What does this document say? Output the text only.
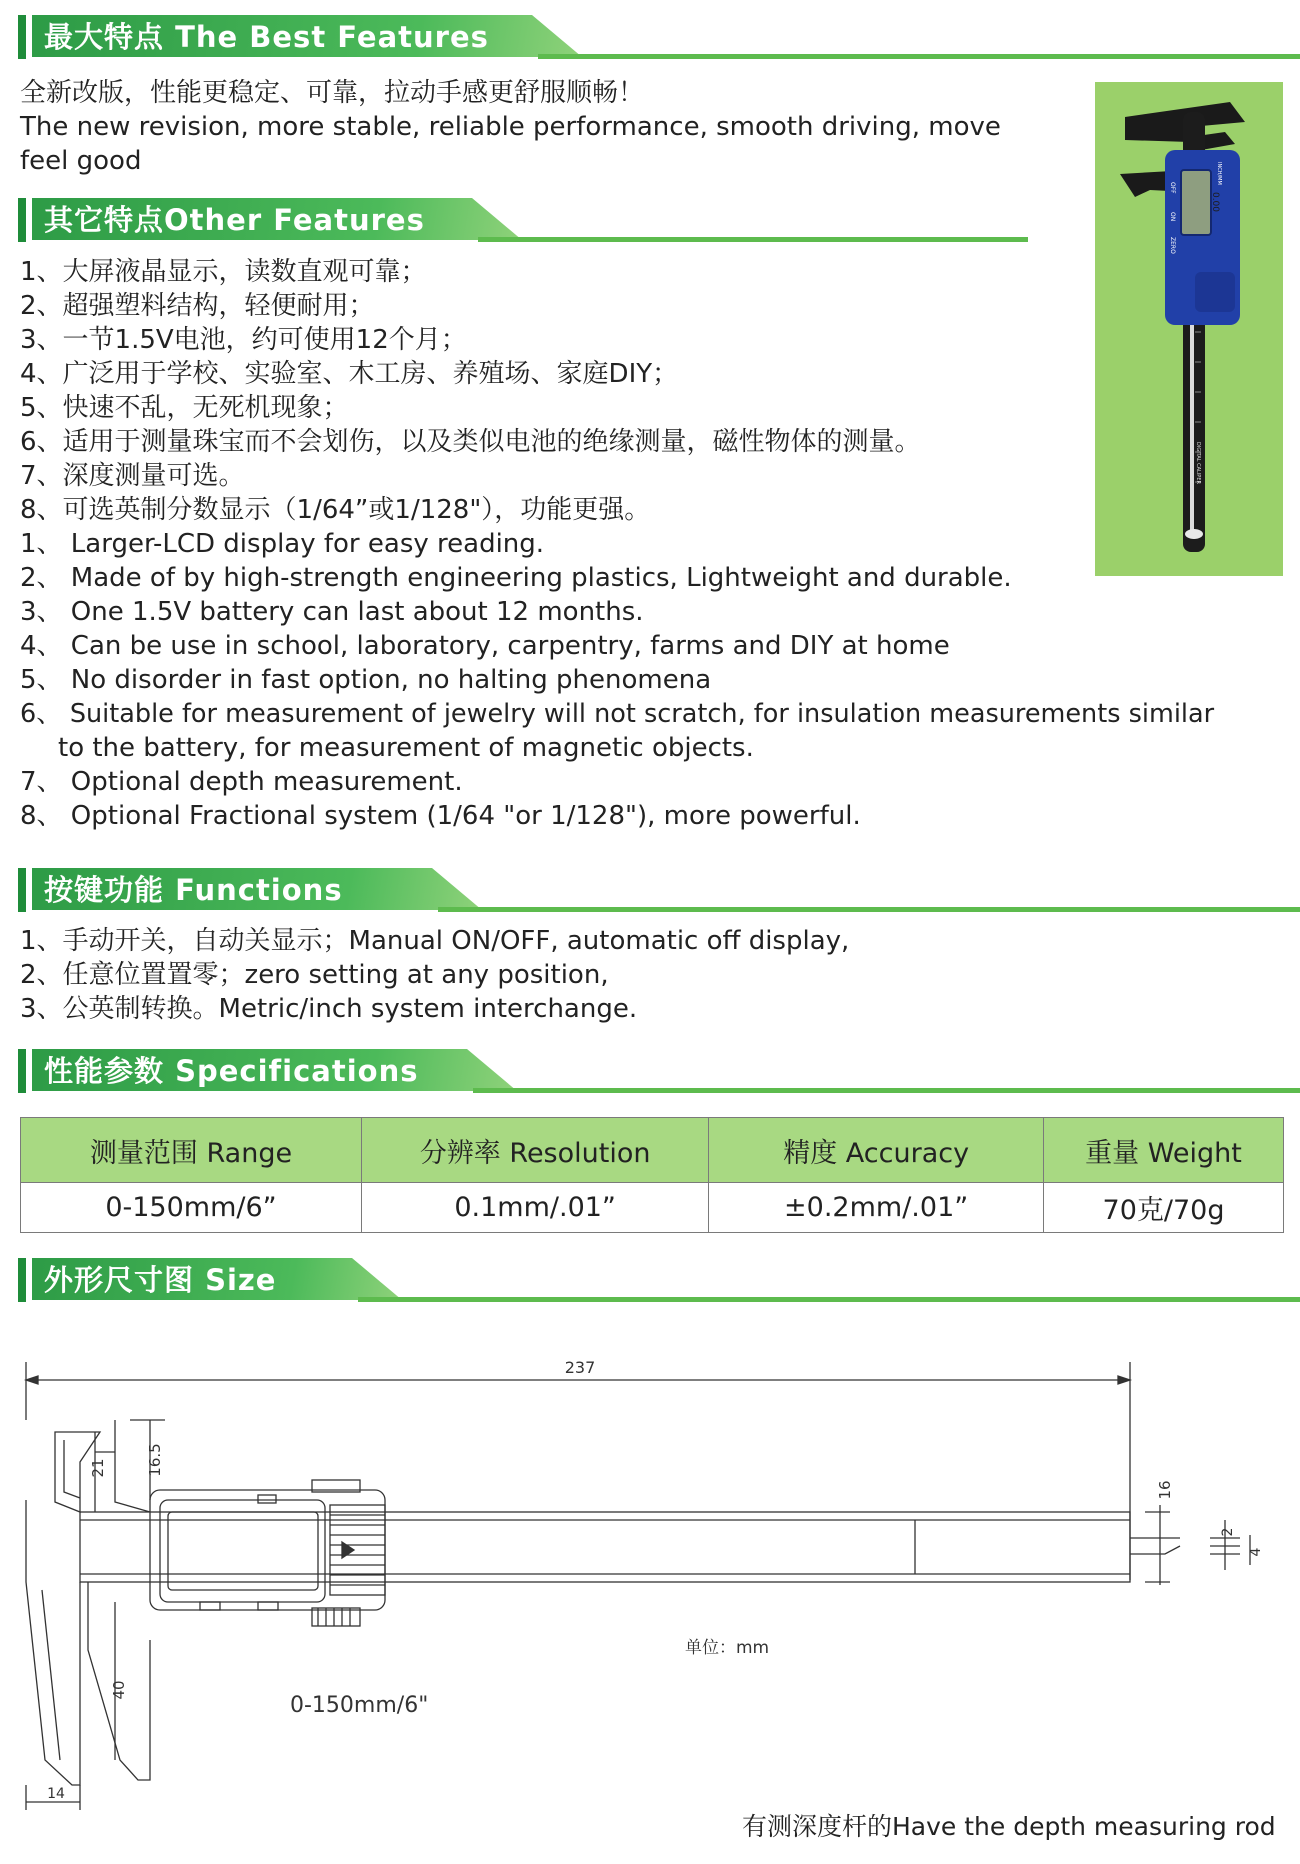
最大特点 The Best Features
全新改版，性能更稳定、可靠，拉动手感更舒服顺畅！
The new revision, more stable, reliable performance, smooth driving, move
feel good
0.00
OFF
ON
ZERO
INCH/MM
DIGITAL CALIPER
其它特点Other Features
1、大屏液晶显示，读数直观可靠；
2、超强塑料结构，轻便耐用；
3、一节1.5V电池，约可使用12个月；
4、广泛用于学校、实验室、木工房、养殖场、家庭DIY；
5、快速不乱，无死机现象；
6、适用于测量珠宝而不会划伤，以及类似电池的绝缘测量，磁性物体的测量。
7、深度测量可选。
8、可选英制分数显示（1/64”或1/128"），功能更强。
1、 Larger-LCD display for easy reading.
2、 Made of by high-strength engineering plastics, Lightweight and durable.
3、 One 1.5V battery can last about 12 months.
4、 Can be use in school, laboratory, carpentry, farms and DIY at home
5、 No disorder in fast option, no halting phenomena
6、 Suitable for measurement of jewelry will not scratch, for insulation measurements similar
to the battery, for measurement of magnetic objects.
7、 Optional depth measurement.
8、 Optional Fractional system (1/64 "or 1/128"), more powerful.
按键功能 Functions
1、手动开关，自动关显示；Manual ON/OFF, automatic off display,
2、任意位置置零；zero setting at any position,
3、公英制转换。Metric/inch system interchange.
性能参数 Specifications
测量范围 Range	分辨率 Resolution	精度 Accuracy	重量 Weight
0-150mm/6”	0.1mm/.01”	±0.2mm/.01”	70克/70g
外形尺寸图 Size
237
21	16.5
16
2
4
40
14
单位：mm
0-150mm/6"
有测深度杆的Have the depth measuring rod
